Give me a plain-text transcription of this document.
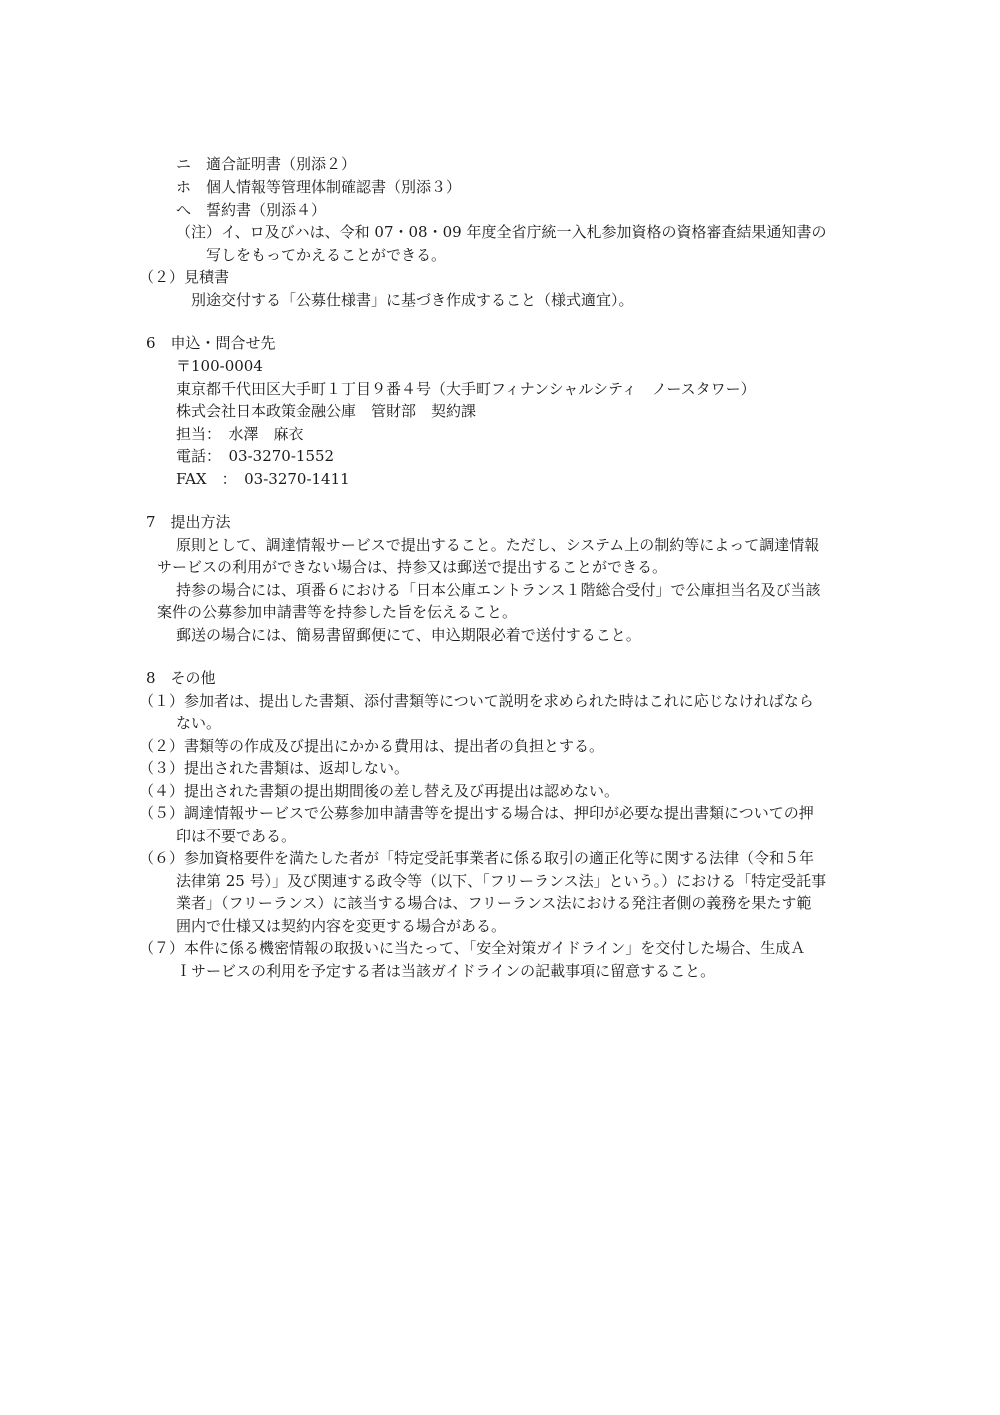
ニ　適合証明書（別添２）
ホ　個人情報等管理体制確認書（別添３）
へ　誓約書（別添４）
（注）イ、ロ及びハは、令和 07・08・09 年度全省庁統一入札参加資格の資格審査結果通知書の
写しをもってかえることができる。
（２）見積書
別途交付する「公募仕様書」に基づき作成すること（様式適宜）。
6　申込・問合せ先
〒100-0004
東京都千代田区大手町１丁目９番４号（大手町フィナンシャルシティ　ノースタワー）
株式会社日本政策金融公庫　管財部　契約課
担当：　水澤　麻衣
電話：　03-3270-1552
FAX　：　03-3270-1411
7　提出方法
原則として、調達情報サービスで提出すること。ただし、システム上の制約等によって調達情報
サービスの利用ができない場合は、持参又は郵送で提出することができる。
持参の場合には、項番６における「日本公庫エントランス１階総合受付」で公庫担当名及び当該
案件の公募参加申請書等を持参した旨を伝えること。
郵送の場合には、簡易書留郵便にて、申込期限必着で送付すること。
8　その他
（１）参加者は、提出した書類、添付書類等について説明を求められた時はこれに応じなければなら
ない。
（２）書類等の作成及び提出にかかる費用は、提出者の負担とする。
（３）提出された書類は、返却しない。
（４）提出された書類の提出期間後の差し替え及び再提出は認めない。
（５）調達情報サービスで公募参加申請書等を提出する場合は、押印が必要な提出書類についての押
印は不要である。
（６）参加資格要件を満たした者が「特定受託事業者に係る取引の適正化等に関する法律（令和５年
法律第 25 号）」及び関連する政令等（以下、「フリーランス法」という。）における「特定受託事
業者」（フリーランス）に該当する場合は、フリーランス法における発注者側の義務を果たす範
囲内で仕様又は契約内容を変更する場合がある。
（７）本件に係る機密情報の取扱いに当たって、「安全対策ガイドライン」を交付した場合、生成Ａ
Ｉサービスの利用を予定する者は当該ガイドラインの記載事項に留意すること。
